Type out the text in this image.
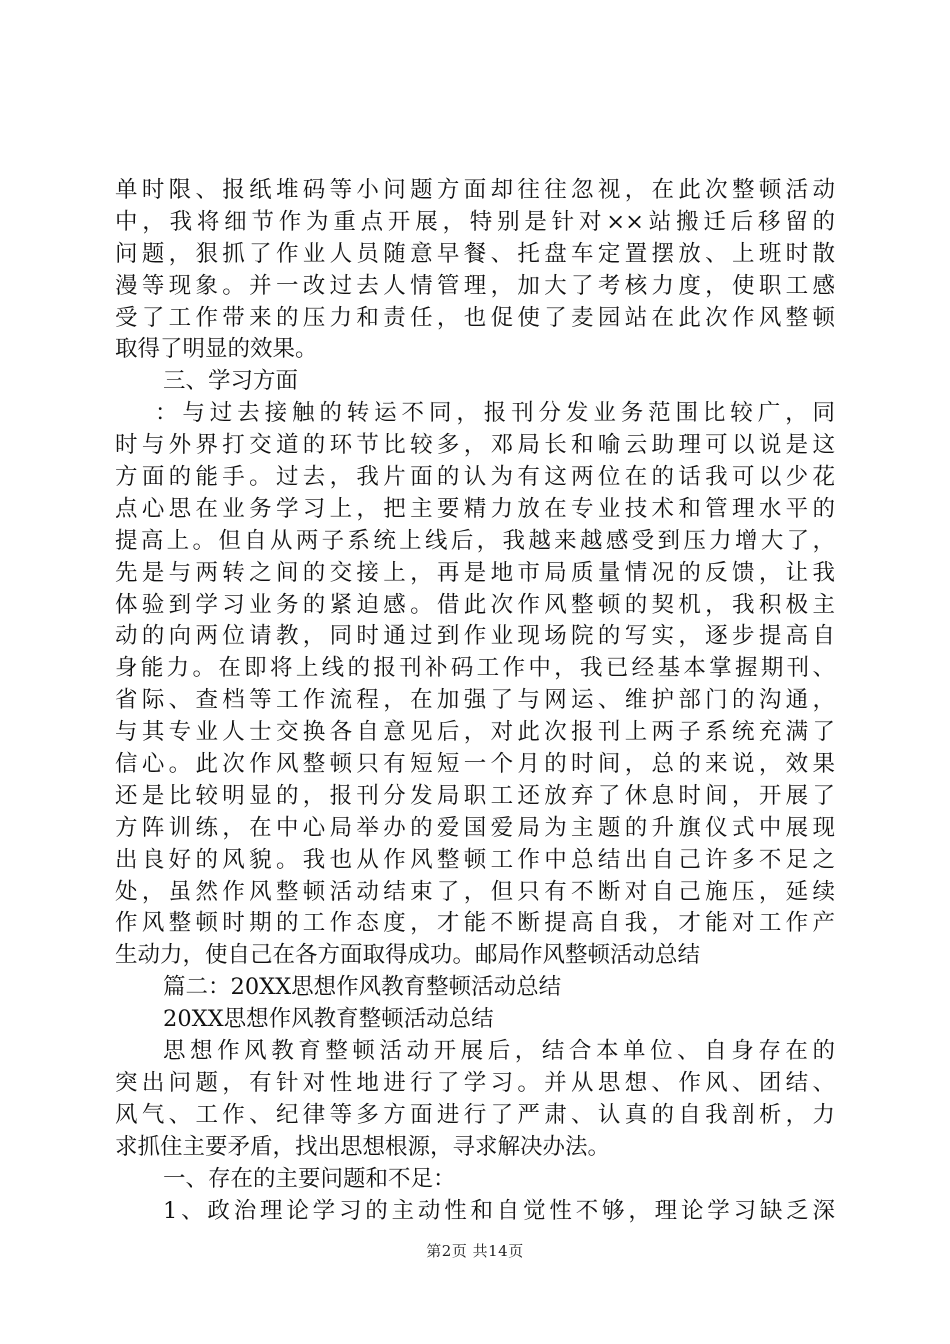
单时限、报纸堆码等小问题方面却往往忽视，在此次整顿活动
中，我将细节作为重点开展，特别是针对××站搬迁后移留的
问题，狠抓了作业人员随意早餐、托盘车定置摆放、上班时散
漫等现象。并一改过去人情管理，加大了考核力度，使职工感
受了工作带来的压力和责任，也促使了麦园站在此次作风整顿
取得了明显的效果。
三、学习方面
：与过去接触的转运不同，报刊分发业务范围比较广，同
时与外界打交道的环节比较多，邓局长和喻云助理可以说是这
方面的能手。过去，我片面的认为有这两位在的话我可以少花
点心思在业务学习上，把主要精力放在专业技术和管理水平的
提高上。但自从两子系统上线后，我越来越感受到压力增大了，
先是与两转之间的交接上，再是地市局质量情况的反馈，让我
体验到学习业务的紧迫感。借此次作风整顿的契机，我积极主
动的向两位请教，同时通过到作业现场院的写实，逐步提高自
身能力。在即将上线的报刊补码工作中，我已经基本掌握期刊、
省际、查档等工作流程，在加强了与网运、维护部门的沟通，
与其专业人士交换各自意见后，对此次报刊上两子系统充满了
信心。此次作风整顿只有短短一个月的时间，总的来说，效果
还是比较明显的，报刊分发局职工还放弃了休息时间，开展了
方阵训练，在中心局举办的爱国爱局为主题的升旗仪式中展现
出良好的风貌。我也从作风整顿工作中总结出自己许多不足之
处，虽然作风整顿活动结束了，但只有不断对自己施压，延续
作风整顿时期的工作态度，才能不断提高自我，才能对工作产
生动力，使自己在各方面取得成功。邮局作风整顿活动总结
篇二：20XX思想作风教育整顿活动总结
20XX思想作风教育整顿活动总结
思想作风教育整顿活动开展后，结合本单位、自身存在的
突出问题，有针对性地进行了学习。并从思想、作风、团结、
风气、工作、纪律等多方面进行了严肃、认真的自我剖析，力
求抓住主要矛盾，找出思想根源，寻求解决办法。
一、存在的主要问题和不足：
1、政治理论学习的主动性和自觉性不够，理论学习缺乏深
第2页 共14页
